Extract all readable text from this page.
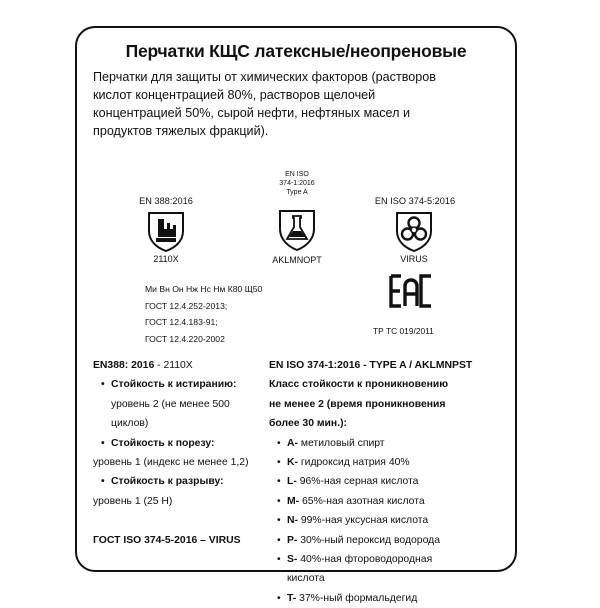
Перчатки КЩС латексные/неопреновые
Перчатки для защиты от химических факторов (растворов
кислот концентрацией 80%, растворов щелочей
концентрацией 50%, сырой нефти, нефтяных масел и
продуктов тяжелых фракций).
EN 388:2016
2110X
EN ISO
374-1:2016
Type A
AKLMNOPT
EN ISO 374-5:2016
VIRUS
Ми Вн Он Нж Нс Нм К80 Щ50
ГОСТ 12.4.252-2013;
ГОСТ 12.4.183-91;
ГОСТ 12.4.220-2002
ТР ТС 019/2011
EN388: 2016 - 2110X
• Стойкость к истиранию:
уровень 2 (не менее 500
циклов)
• Стойкость к порезу:
уровень 1 (индекс не менее 1,2)
• Стойкость к разрыву:
уровень 1 (25 Н)
ГОСТ ISO 374-5-2016 – VIRUS
EN ISO 374-1:2016 - TYPE A / AKLMNPST
Класс стойкости к проникновению
не менее 2 (время проникновения
более 30 мин.):
• A- метиловый спирт
• K- гидроксид натрия 40%
• L- 96%-ная серная кислота
• M- 65%-ная азотная кислота
• N- 99%-ная уксусная кислота
• P- 30%-ный пероксид водорода
• S- 40%-ная фтороводородная
кислота
• T- 37%-ный формальдегид
